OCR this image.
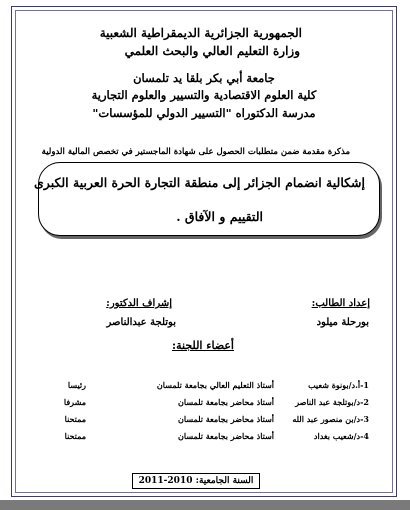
الجمهورية الجزائرية الديمقراطية الشعبية
وزارة التعليم العالي والبحث العلمي
جامعة أبي بكر بلقا يد تلمسان
كلية العلوم الاقتصادية والتسيير والعلوم التجارية
مدرسة الدكتوراه "التسيير الدولي للمؤسسات"
مذكرة مقدمة ضمن متطلبات الحصول على شهادة الماجستير في تخصص المالية الدولية
إشكالية انضمام الجزائر إلى منطقة التجارة الحرة العربية الكبرى
التقييم و الآفاق .
إعداد الطالب:
إشراف الدكتور:
بورحلة ميلود
بوتلجة عبدالناصر
أعضاء اللجنة:
1-أ.د/بونوة شعيب
أستاذ التعليم العالي بجامعة تلمسان
رئيسا
2-د/بوتلجة عبد الناصر
أستاذ محاضر بجامعة تلمسان
مشرفا
3-د/بن منصور عبد الله
أستاذ محاضر بجامعة تلمسان
ممتحنا
4-د/شعيب بغداد
أستاذ محاضر بجامعة تلمسان
ممتحنا
السنة الجامعية: 2010-2011
